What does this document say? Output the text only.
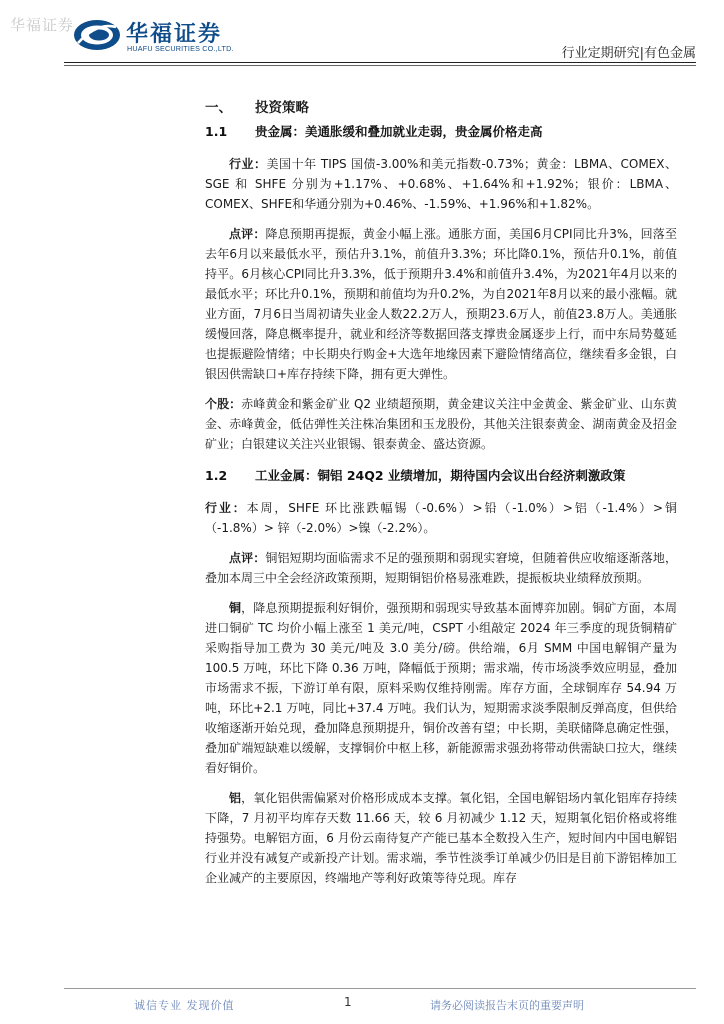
华福证券 华福证券
HUAFU SECURITIES CO.,LTD.	行业定期研究|有色金属
一、 投资策略
1.1 贵金属：美通胀缓和叠加就业走弱，贵金属价格走高

行业：美国十年 TIPS 国债-3.00%和美元指数-0.73%；黄金：LBMA、COMEX、SGE 和 SHFE 分别为+1.17%、+0.68%、+1.64%和+1.92%；银价：LBMA、COMEX、SHFE和华通分别为+0.46%、-1.59%、+1.96%和+1.82%。

点评：降息预期再提振，黄金小幅上涨。通胀方面，美国6月CPI同比升3%，回落至去年6月以来最低水平，预估升3.1%，前值升3.3%；环比降0.1%，预估升0.1%，前值持平。6月核心CPI同比升3.3%，低于预期升3.4%和前值升3.4%，为2021年4月以来的最低水平；环比升0.1%，预期和前值均为升0.2%，为自2021年8月以来的最小涨幅。就业方面，7月6日当周初请失业金人数22.2万人，预期23.6万人，前值23.8万人。美通胀缓慢回落，降息概率提升，就业和经济等数据回落支撑贵金属逐步上行，而中东局势蔓延也提振避险情绪；中长期央行购金+大选年地缘因素下避险情绪高位，继续看多金银，白银因供需缺口+库存持续下降，拥有更大弹性。

个股：赤峰黄金和紫金矿业 Q2 业绩超预期，黄金建议关注中金黄金、紫金矿业、山东黄金、赤峰黄金，低估弹性关注株冶集团和玉龙股份，其他关注银泰黄金、湖南黄金及招金矿业；白银建议关注兴业银锡、银泰黄金、盛达资源。

1.2 工业金属：铜铝 24Q2 业绩增加，期待国内会议出台经济刺激政策

行业：本周，SHFE 环比涨跌幅锡（-0.6%）>铅（-1.0%）>铝（-1.4%）>铜（-1.8%）> 锌（-2.0%）>镍（-2.2%）。

点评：铜铝短期均面临需求不足的强预期和弱现实窘境，但随着供应收缩逐渐落地，叠加本周三中全会经济政策预期，短期铜铝价格易涨难跌，提振板块业绩释放预期。

铜，降息预期提振利好铜价，强预期和弱现实导致基本面博弈加剧。铜矿方面，本周进口铜矿 TC 均价小幅上涨至 1 美元/吨，CSPT 小组敲定 2024 年三季度的现货铜精矿采购指导加工费为 30 美元/吨及 3.0 美分/磅。供给端，6月 SMM 中国电解铜产量为 100.5 万吨，环比下降 0.36 万吨，降幅低于预期；需求端，传市场淡季效应明显，叠加市场需求不振，下游订单有限，原料采购仅维持刚需。库存方面，全球铜库存 54.94 万吨，环比+2.1 万吨，同比+37.4 万吨。我们认为，短期需求淡季限制反弹高度，但供给收缩逐渐开始兑现，叠加降息预期提升，铜价改善有望；中长期，美联储降息确定性强，叠加矿端短缺难以缓解，支撑铜价中枢上移，新能源需求强劲将带动供需缺口拉大，继续看好铜价。

铝，氧化铝供需偏紧对价格形成成本支撑。氧化铝，全国电解铝场内氧化铝库存持续下降，7 月初平均库存天数 11.66 天，较 6 月初减少 1.12 天，短期氧化铝价格或将维持强势。电解铝方面，6 月份云南待复产产能已基本全数投入生产，短时间内中国电解铝行业并没有减复产或新投产计划。需求端，季节性淡季订单减少仍旧是目前下游铝棒加工企业减产的主要原因，终端地产等利好政策等待兑现。库存

诚信专业 发现价值	1	请务必阅读报告末页的重要声明
